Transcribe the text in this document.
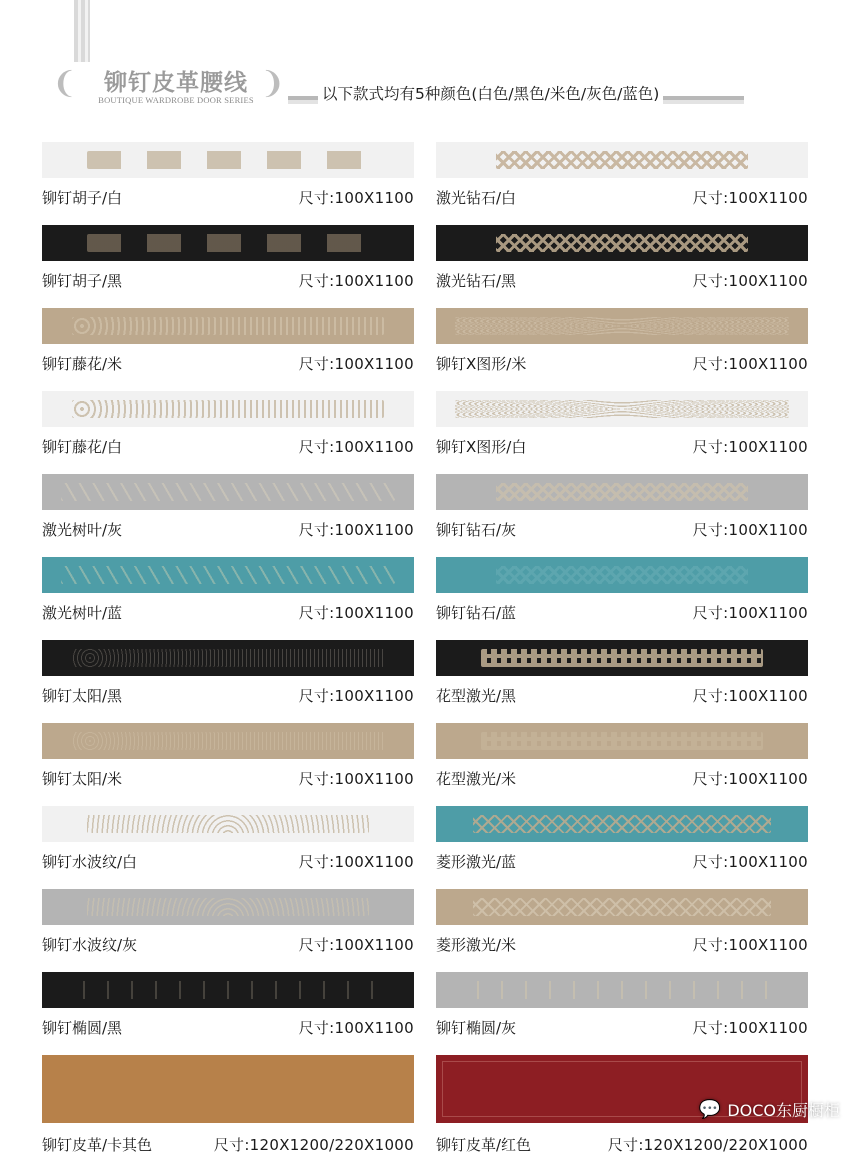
❨	铆钉皮革腰线
BOUTIQUE WARDROBE DOOR SERIES ❩ 以下款式均有5种颜色(白色/黑色/米色/灰色/蓝色)
铆钉胡子/白	尺寸:100X1100 激光钻石/白	尺寸:100X1100
铆钉胡子/黑	尺寸:100X1100 激光钻石/黑	尺寸:100X1100
铆钉藤花/米	尺寸:100X1100 铆钉X图形/米	尺寸:100X1100
铆钉藤花/白	尺寸:100X1100 铆钉X图形/白	尺寸:100X1100
激光树叶/灰	尺寸:100X1100 铆钉钻石/灰	尺寸:100X1100
激光树叶/蓝	尺寸:100X1100 铆钉钻石/蓝	尺寸:100X1100
铆钉太阳/黑	尺寸:100X1100 花型激光/黑	尺寸:100X1100
铆钉太阳/米	尺寸:100X1100 花型激光/米	尺寸:100X1100
铆钉水波纹/白	尺寸:100X1100 菱形激光/蓝	尺寸:100X1100
铆钉水波纹/灰	尺寸:100X1100 菱形激光/米	尺寸:100X1100
铆钉椭圆/黑	尺寸:100X1100 铆钉椭圆/灰	尺寸:100X1100
铆钉皮革/卡其色	尺寸:120X1200/220X1000 铆钉皮革/红色	尺寸:120X1200/220X1000
💬 DOCO东厨橱柜
